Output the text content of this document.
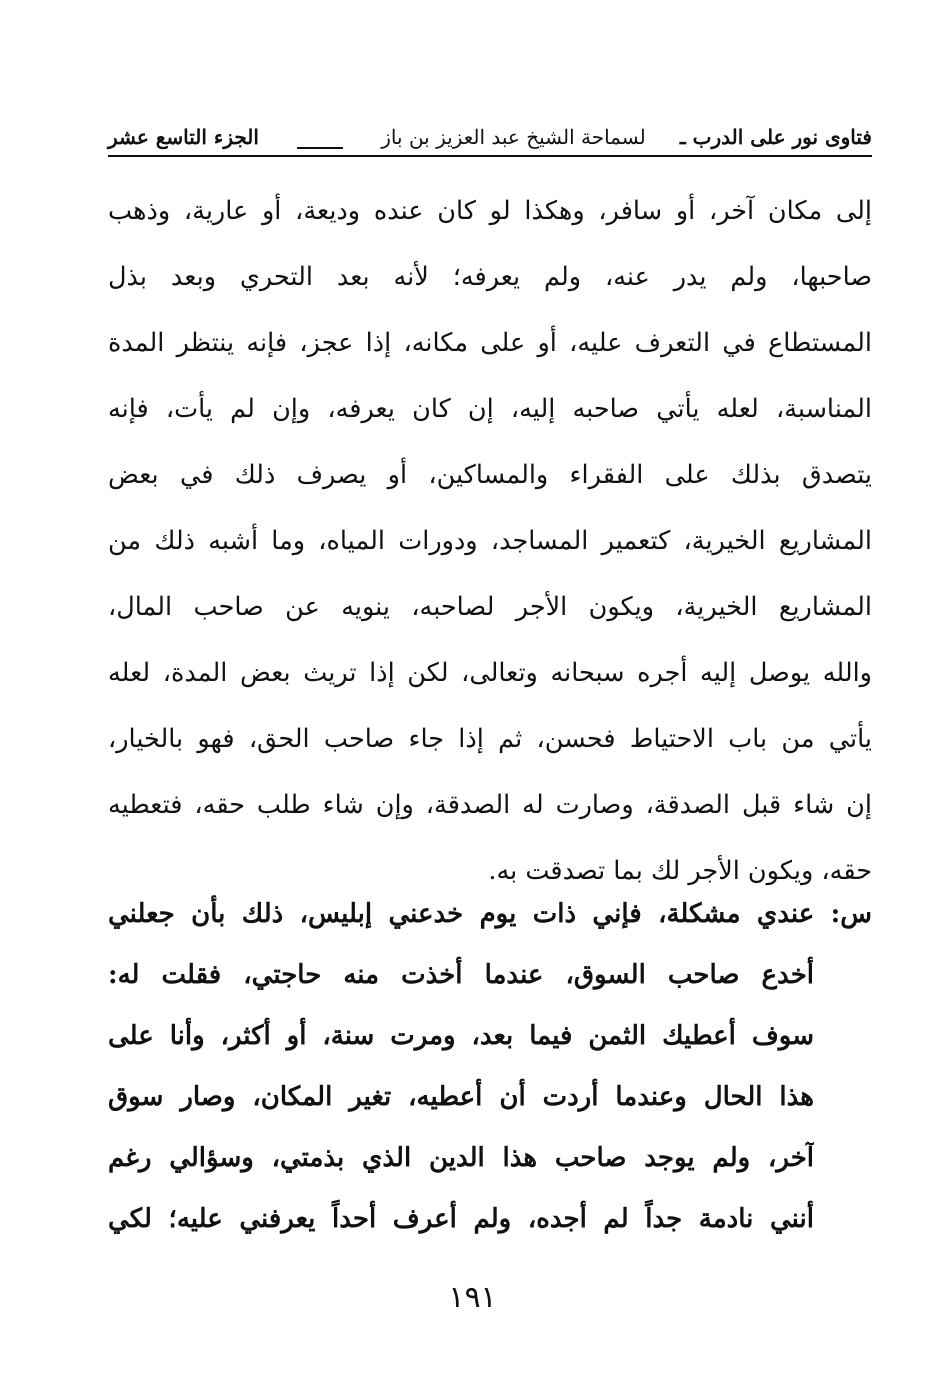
فتاوى نور على الدرب ـ
لسماحة الشيخ عبد العزيز بن باز
الجزء التاسع عشر
إلى مكان آخر، أو سافر، وهكذا لو كان عنده وديعة، أو عارية، وذهب
صاحبها، ولم يدر عنه، ولم يعرفه؛ لأنه بعد التحري وبعد بذل
المستطاع في التعرف عليه، أو على مكانه، إذا عجز، فإنه ينتظر المدة
المناسبة، لعله يأتي صاحبه إليه، إن كان يعرفه، وإن لم يأت، فإنه
يتصدق بذلك على الفقراء والمساكين، أو يصرف ذلك في بعض
المشاريع الخيرية، كتعمير المساجد، ودورات المياه، وما أشبه ذلك من
المشاريع الخيرية، ويكون الأجر لصاحبه، ينويه عن صاحب المال،
والله يوصل إليه أجره سبحانه وتعالى، لكن إذا تريث بعض المدة، لعله
يأتي من باب الاحتياط فحسن، ثم إذا جاء صاحب الحق، فهو بالخيار،
إن شاء قبل الصدقة، وصارت له الصدقة، وإن شاء طلب حقه، فتعطيه
حقه، ويكون الأجر لك بما تصدقت به.
س: عندي مشكلة، فإني ذات يوم خدعني إبليس، ذلك بأن جعلني
أخدع صاحب السوق، عندما أخذت منه حاجتي، فقلت له:
سوف أعطيك الثمن فيما بعد، ومرت سنة، أو أكثر، وأنا على
هذا الحال وعندما أردت أن أعطيه، تغير المكان، وصار سوق
آخر، ولم يوجد صاحب هذا الدين الذي بذمتي، وسؤالي رغم
أنني نادمة جداً لم أجده، ولم أعرف أحداً يعرفني عليه؛ لكي
١٩١
